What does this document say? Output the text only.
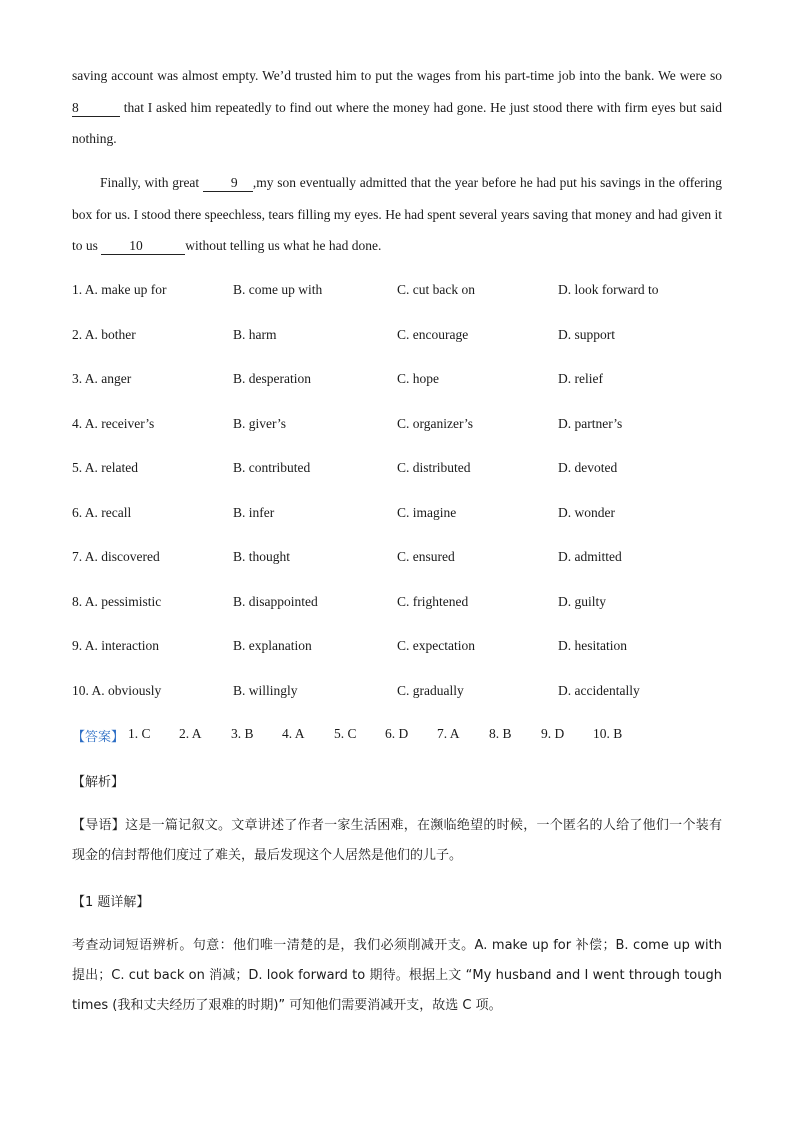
saving account was almost empty. We’d trusted him to put the wages from his part-time job into the bank. We were so8	that I asked him repeatedly to find out where the money had gone. He just stood there with firm eyes but said nothing.

Finally, with great 9 ,my son eventually admitted that the year before he had put his savings in the offering box for us. I stood there speechless, tears filling my eyes. He had spent several years saving that money and had given it to us 10	without telling us what he had done.

1. A. make up for	B. come up with	C. cut back on	D. look forward to
2. A. bother	B. harm	C. encourage	D. support
3. A. anger	B. desperation	C. hope	D. relief
4. A. receiver’s	B. giver’s	C. organizer’s	D. partner’s
5. A. related	B. contributed	C. distributed	D. devoted
6. A. recall	B. infer	C. imagine	D. wonder
7. A. discovered	B. thought	C. ensured	D. admitted
8. A. pessimistic	B. disappointed	C. frightened	D. guilty
9. A. interaction	B. explanation	C. expectation	D. hesitation
10. A. obviously	B. willingly	C. gradually	D. accidentally
【答案】 1. C 2. A 3. B 4. A 5. C 6. D 7. A 8. B 9. D 10. B
【解析】
【导语】这是一篇记叙文。文章讲述了作者一家生活困难，在濒临绝望的时候，一个匿名的人给了他们一个装有现金的信封帮他们度过了难关，最后发现这个人居然是他们的儿子。
【1 题详解】
考查动词短语辨析。句意：他们唯一清楚的是，我们必须削减开支。A. make up for 补偿；B. come up with 提出；C. cut back on 消减；D. look forward to 期待。根据上文 “My husband and I went through tough times (我和丈夫经历了艰难的时期)” 可知他们需要消减开支，故选 C 项。
